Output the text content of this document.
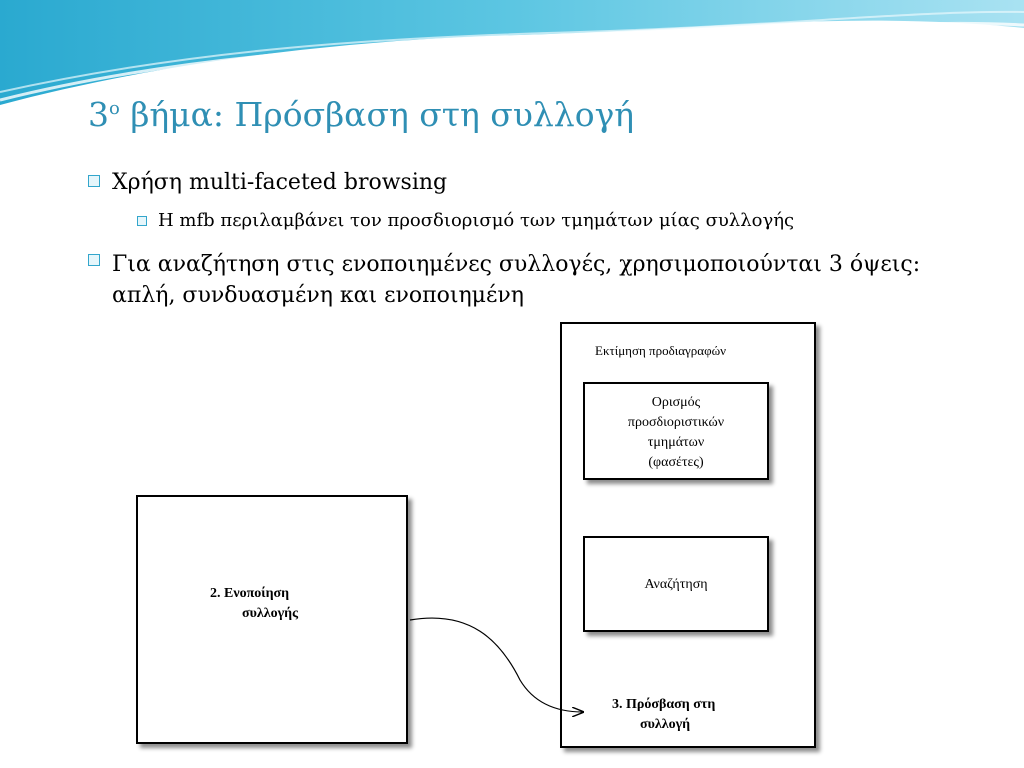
$3^o$ βήμα: Πρόσβαση στη συλλογή
Χρήση multi-faceted browsing
Η mfb περιλαμβάνει τον προσδιορισμό των τμημάτων μίας συλλογής
Για αναζήτηση στις ενοποιημένες συλλογές, χρησιμοποιούνται 3 όψεις: απλή, συνδυασμένη και ενοποιημένη
Εκτίμηση προδιαγραφών
Ορισμός
προσδιοριστικών
τμημάτων
(φασέτες)
Αναζήτηση
2. Ενοποίηση
συλλογής
3. Πρόσβαση στη
συλλογή
